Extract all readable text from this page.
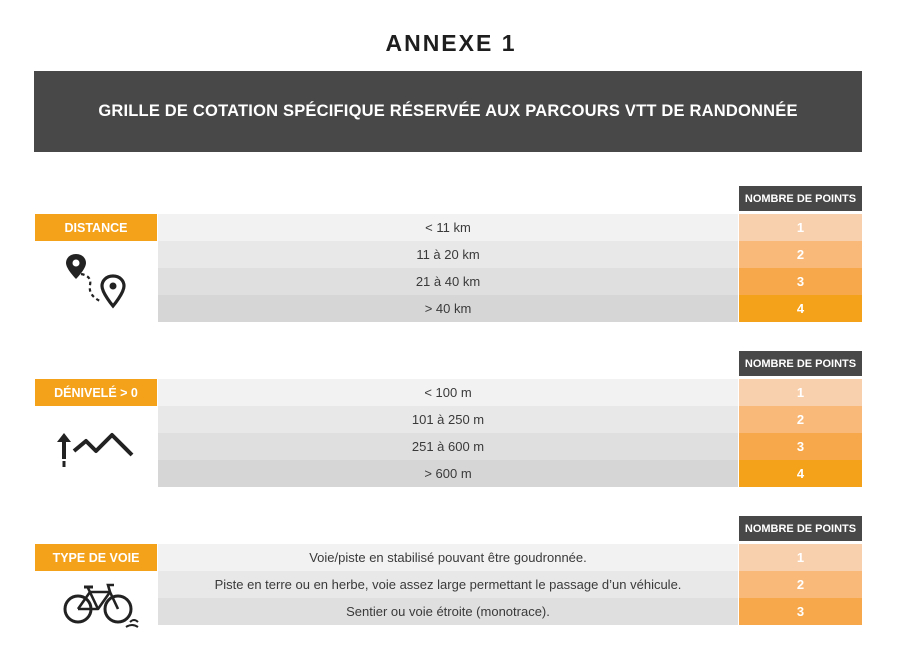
ANNEXE 1
GRILLE DE COTATION SPÉCIFIQUE RÉSERVÉE AUX PARCOURS VTT DE RANDONNÉE
NOMBRE DE POINTS
DISTANCE	< 11 km	1
11 à 20 km	2
21 à 40 km	3
> 40 km	4
NOMBRE DE POINTS
DÉNIVELÉ > 0	< 100 m	1
101 à 250 m	2
251 à 600 m	3
> 600 m	4
NOMBRE DE POINTS
TYPE DE VOIE	Voie/piste en stabilisé pouvant être goudronnée.	1
Piste en terre ou en herbe, voie assez large permettant le passage d’un véhicule.	2
Sentier ou voie étroite (monotrace).	3
